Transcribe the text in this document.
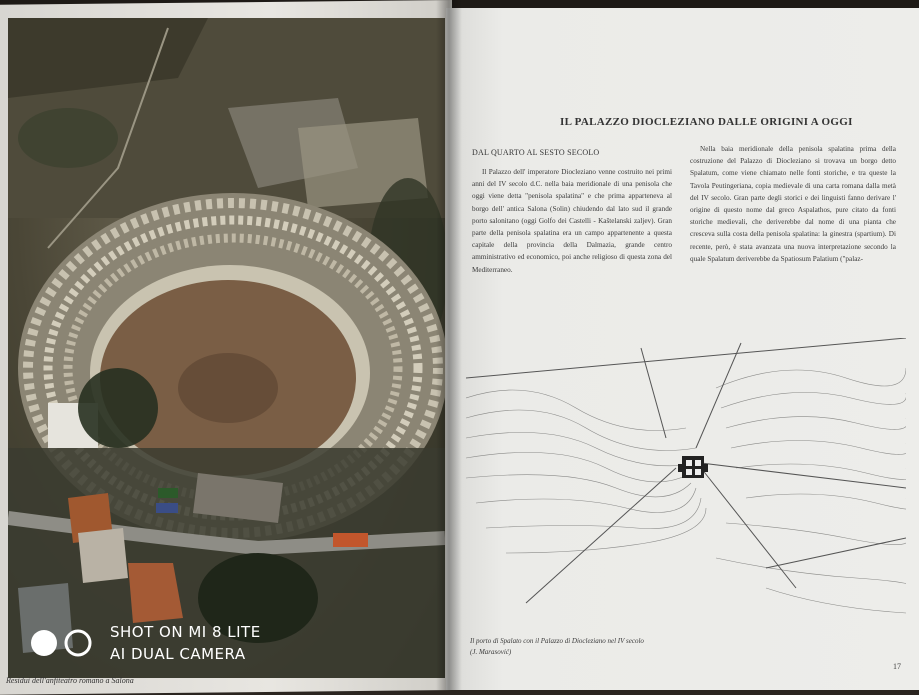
Residui dell'anfiteatro romano a Salona
IL PALAZZO DIOCLEZIANO DALLE ORIGINI A OGGI
DAL QUARTO AL SESTO SECOLO

Il Palazzo dell' imperatore Diocleziano venne costruito nei primi anni del IV secolo d.C. nella baia meridionale di una penisola che oggi viene detta "penisola spalatina" e che prima apparteneva al borgo dell' antica Salona (Solin) chiudendo dal lato sud il grande porto salonitano (oggi Golfo dei Castelli - Kaštelanski zaljev). Gran parte della penisola spalatina era un campo appartenente a questa capitale della provincia della Dalmazia, grande centro amministrativo ed economico, poi anche religioso di questa zona del Mediterraneo.

Nella baia meridionale della penisola spalatina prima della costruzione del Palazzo di Diocleziano si trovava un borgo detto Spalatum, come viene chiamato nelle fonti storiche, e tra queste la Tavola Peutingeriana, copia medievale di una carta romana dalla metà del IV secolo. Gran parte degli storici e dei linguisti fanno derivare l' origine di questo nome dal greco Aspalathos, pure citato da fonti storiche medievali, che deriverebbe dal nome di una pianta che cresceva sulla costa della penisola spalatina: la ginestra (spartium). Di recente, però, è stata avanzata una nuova interpretazione secondo la quale Spalatum deriverebbe da Spatiosum Palatium ("palaz-

Il porto di Spalato con il Palazzo di Diocleziano nel IV secolo
(J. Marasović)
17
SHOT ON MI 8 LITE
AI DUAL CAMERA
